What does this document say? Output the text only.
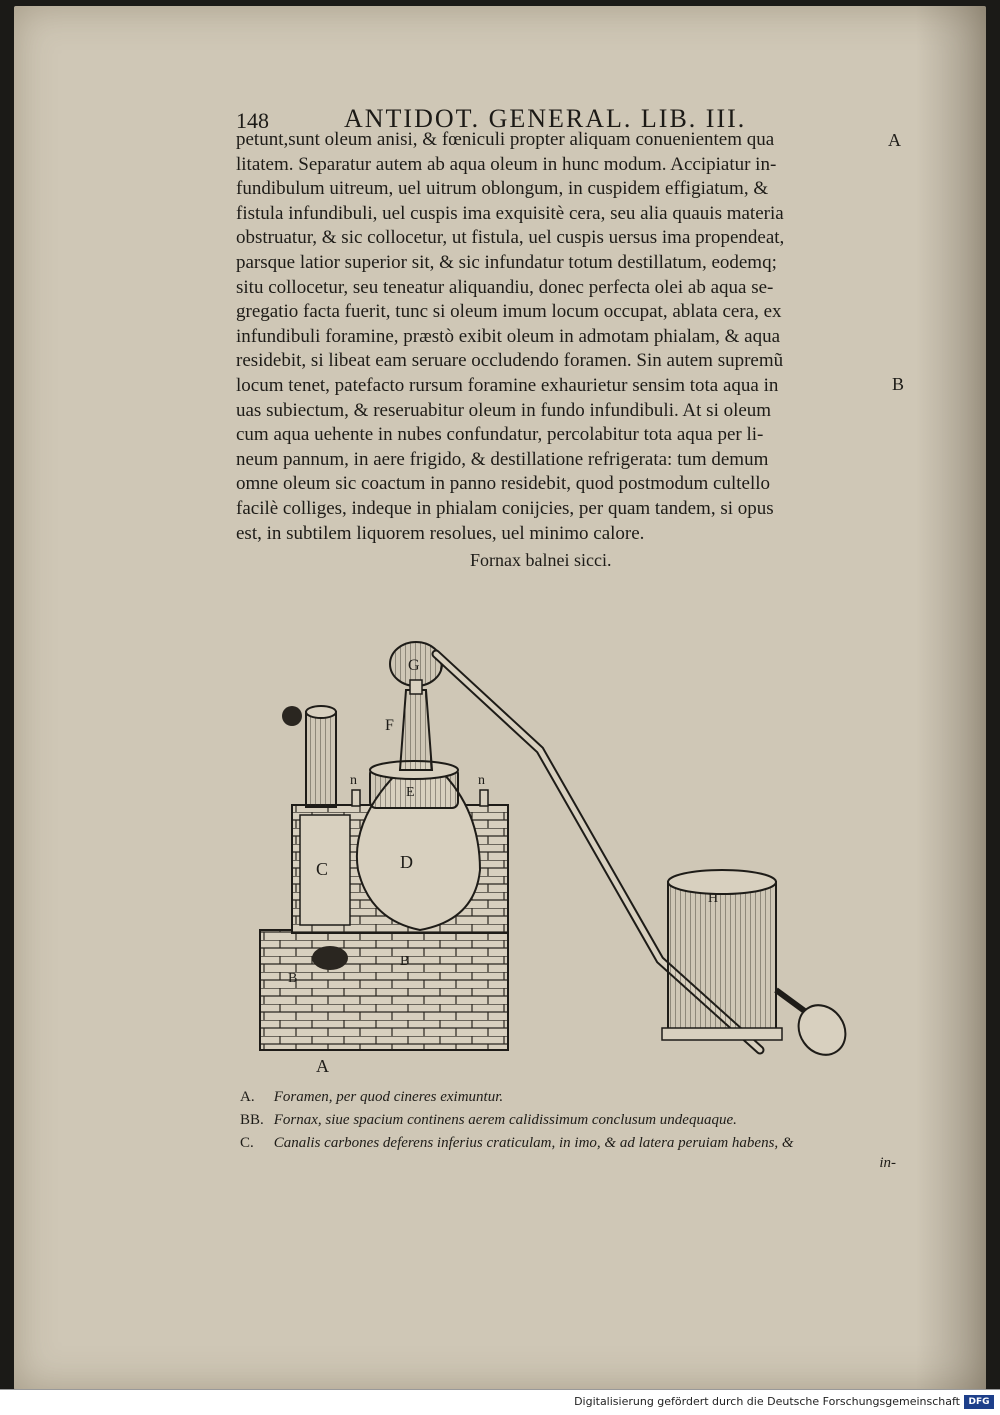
148	ANTIDOT. GENERAL. LIB. III.
petunt,sunt oleum anisi, & fœniculi propter aliquam conuenientem qua
litatem. Separatur autem ab aqua oleum in hunc modum. Accipiatur in-
fundibulum uitreum, uel uitrum oblongum, in cuspidem effigiatum, &
fistula infundibuli, uel cuspis ima exquisitè cera, seu alia quauis materia
obstruatur, & sic collocetur, ut fistula, uel cuspis uersus ima propendeat,
parsque latior superior sit, & sic infundatur totum destillatum, eodemq;
situ collocetur, seu teneatur aliquandiu, donec perfecta olei ab aqua se-
gregatio facta fuerit, tunc si oleum imum locum occupat, ablata cera, ex
infundibuli foramine, præstò exibit oleum in admotam phialam, & aqua
residebit, si libeat eam seruare occludendo foramen. Sin autem supremũ
locum tenet, patefacto rursum foramine exhaurietur sensim tota aqua in
uas subiectum, & reseruabitur oleum in fundo infundibuli. At si oleum
cum aqua uehente in nubes confundatur, percolabitur tota aqua per li-
neum pannum, in aere frigido, & destillatione refrigerata: tum demum
omne oleum sic coactum in panno residebit, quod postmodum cultello
facilè colliges, indeque in phialam conijcies, per quam tandem, si opus
est, in subtilem liquorem resolues, uel minimo calore.
A
B
Fornax balnei sicci.
G
F
E
D
C
B
B
n	n
A
H
A. Foramen, per quod cineres eximuntur.
BB. Fornax, siue spacium continens aerem calidissimum conclusum undequaque.
C. Canalis carbones deferens inferius craticulam, in imo, & ad latera peruiam habens, &
in-
Digitalisierung gefördert durch die Deutsche Forschungsgemeinschaft DFG
